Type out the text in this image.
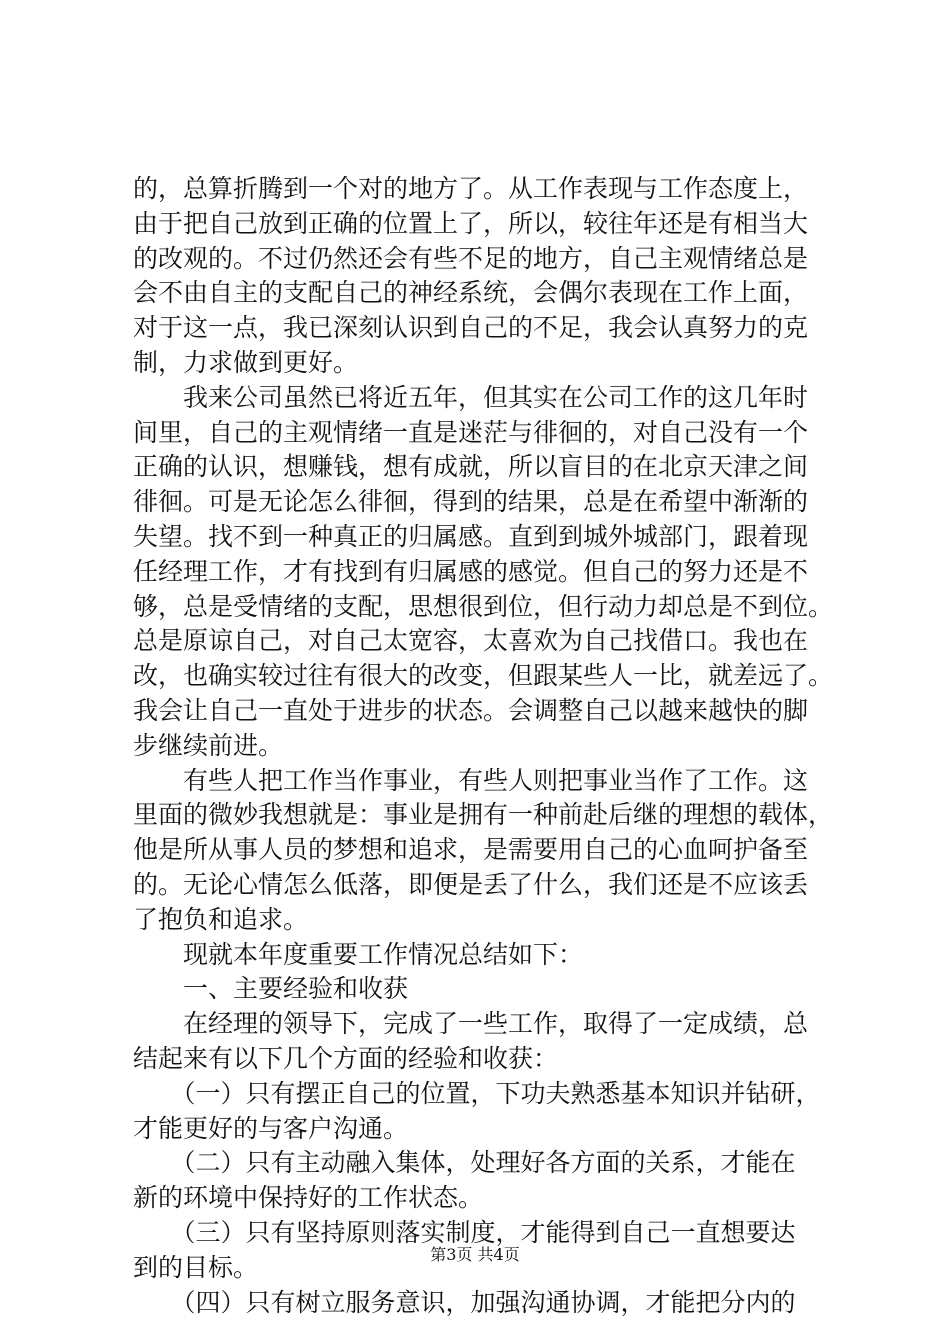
的，总算折腾到一个对的地方了。从工作表现与工作态度上，
由于把自己放到正确的位置上了，所以，较往年还是有相当大
的改观的。不过仍然还会有些不足的地方，自己主观情绪总是
会不由自主的支配自己的神经系统，会偶尔表现在工作上面，
对于这一点，我已深刻认识到自己的不足，我会认真努力的克
制，力求做到更好。
　　我来公司虽然已将近五年，但其实在公司工作的这几年时
间里，自己的主观情绪一直是迷茫与徘徊的，对自己没有一个
正确的认识，想赚钱，想有成就，所以盲目的在北京天津之间
徘徊。可是无论怎么徘徊，得到的结果，总是在希望中渐渐的
失望。找不到一种真正的归属感。直到到城外城部门，跟着现
任经理工作，才有找到有归属感的感觉。但自己的努力还是不
够，总是受情绪的支配，思想很到位，但行动力却总是不到位。
总是原谅自己，对自己太宽容，太喜欢为自己找借口。我也在
改，也确实较过往有很大的改变，但跟某些人一比，就差远了。
我会让自己一直处于进步的状态。会调整自己以越来越快的脚
步继续前进。
　　有些人把工作当作事业，有些人则把事业当作了工作。这
里面的微妙我想就是：事业是拥有一种前赴后继的理想的载体，
他是所从事人员的梦想和追求，是需要用自己的心血呵护备至
的。无论心情怎么低落，即便是丢了什么，我们还是不应该丢
了抱负和追求。
　　现就本年度重要工作情况总结如下：
　　一、主要经验和收获
　　在经理的领导下，完成了一些工作，取得了一定成绩，总
结起来有以下几个方面的经验和收获：
　　（一）只有摆正自己的位置，下功夫熟悉基本知识并钻研，
才能更好的与客户沟通。
　　（二）只有主动融入集体，处理好各方面的关系，才能在
新的环境中保持好的工作状态。
　　（三）只有坚持原则落实制度，才能得到自己一直想要达
到的目标。
　　（四）只有树立服务意识，加强沟通协调，才能把分内的
第3页 共4页
